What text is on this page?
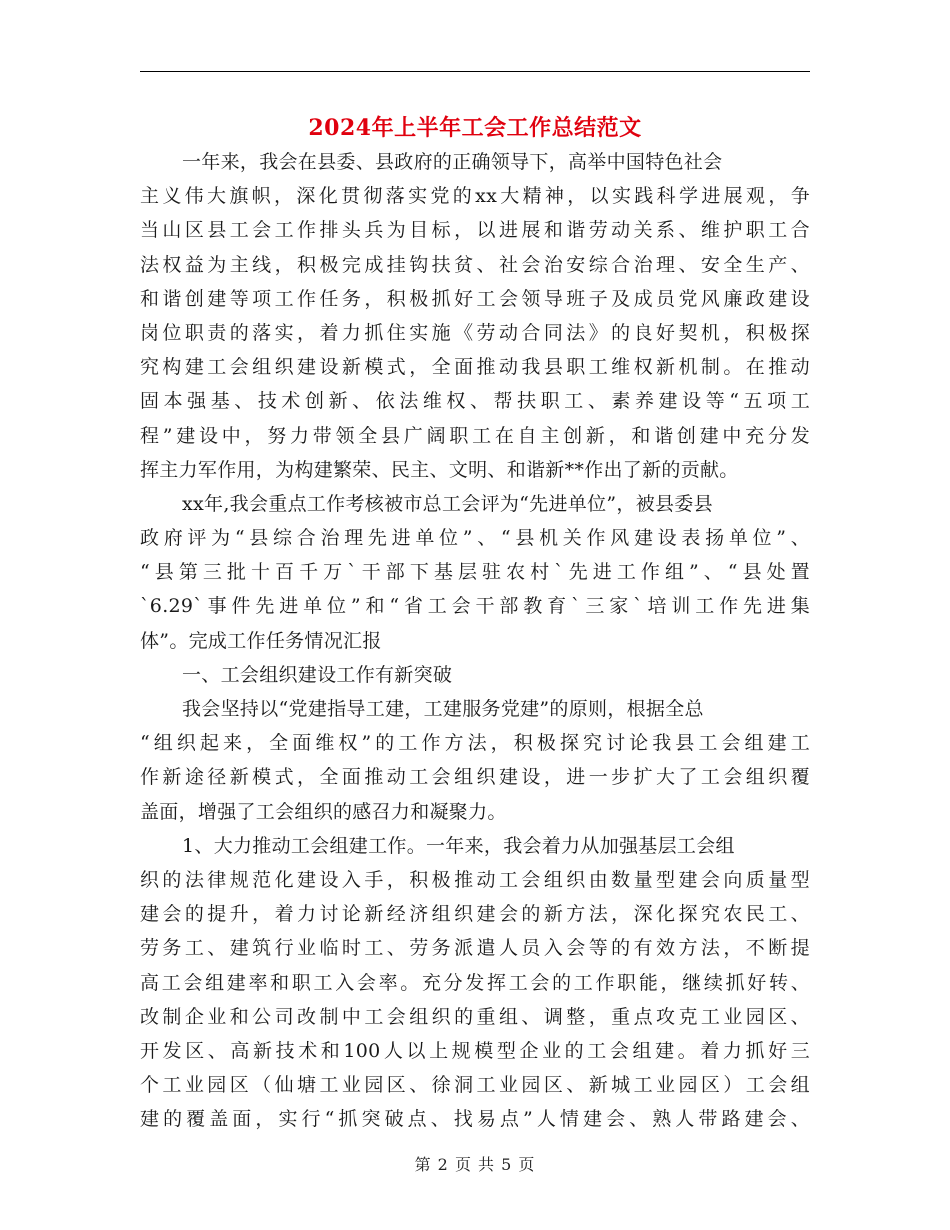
2024年上半年工会工作总结范文
一年来，我会在县委、县政府的正确领导下，高举中国特色社会
主义伟大旗帜，深化贯彻落实党的xx大精神，以实践科学进展观，争
当山区县工会工作排头兵为目标，以进展和谐劳动关系、维护职工合
法权益为主线，积极完成挂钩扶贫、社会治安综合治理、安全生产、
和谐创建等项工作任务，积极抓好工会领导班子及成员党风廉政建设
岗位职责的落实，着力抓住实施《劳动合同法》的良好契机，积极探
究构建工会组织建设新模式，全面推动我县职工维权新机制。在推动
固本强基、技术创新、依法维权、帮扶职工、素养建设等“五项工
程”建设中，努力带领全县广阔职工在自主创新，和谐创建中充分发
挥主力军作用，为构建繁荣、民主、文明、和谐新**作出了新的贡献。
xx年,我会重点工作考核被市总工会评为“先进单位”，被县委县
政府评为“县综合治理先进单位”、“县机关作风建设表扬单位”、
“县第三批十百千万`干部下基层驻农村`先进工作组”、“县处置
`6.29`事件先进单位”和“省工会干部教育`三家`培训工作先进集
体”。完成工作任务情况汇报
一、工会组织建设工作有新突破
我会坚持以“党建指导工建，工建服务党建”的原则，根据全总
“组织起来，全面维权”的工作方法，积极探究讨论我县工会组建工
作新途径新模式，全面推动工会组织建设，进一步扩大了工会组织覆
盖面，增强了工会组织的感召力和凝聚力。
1、大力推动工会组建工作。一年来，我会着力从加强基层工会组
织的法律规范化建设入手，积极推动工会组织由数量型建会向质量型
建会的提升，着力讨论新经济组织建会的新方法，深化探究农民工、
劳务工、建筑行业临时工、劳务派遣人员入会等的有效方法，不断提
高工会组建率和职工入会率。充分发挥工会的工作职能，继续抓好转、
改制企业和公司改制中工会组织的重组、调整，重点攻克工业园区、
开发区、高新技术和100人以上规模型企业的工会组建。着力抓好三
个工业园区（仙塘工业园区、徐洞工业园区、新城工业园区）工会组
建的覆盖面，实行“抓突破点、找易点”人情建会、熟人带路建会、
第 2 页 共 5 页
